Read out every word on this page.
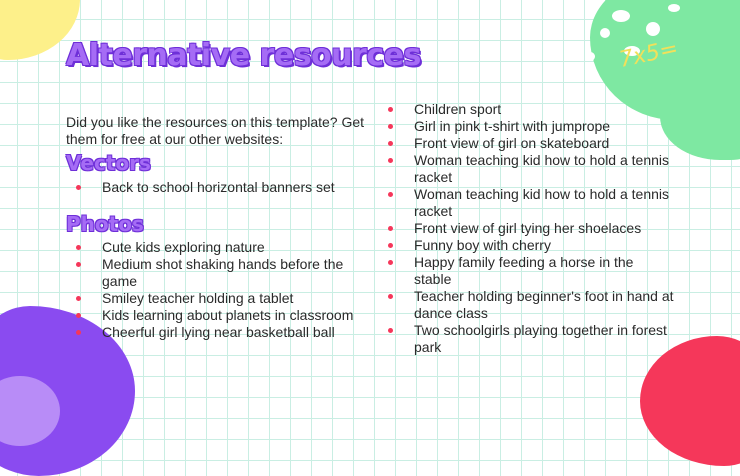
7x5=
Alternative resources

Did you like the resources on this template? Get them for free at our other websites:

Vectors
Back to school horizontal banners set
Photos
Cute kids exploring nature
Medium shot shaking hands before the game
Smiley teacher holding a tablet
Kids learning about planets in classroom
Cheerful girl lying near basketball ball
Children sport
Girl in pink t-shirt with jumprope
Front view of girl on skateboard
Woman teaching kid how to hold a tennis racket
Woman teaching kid how to hold a tennis racket
Front view of girl tying her shoelaces
Funny boy with cherry
Happy family feeding a horse in the stable
Teacher holding beginner's foot in hand at dance class
Two schoolgirls playing together in forest park
